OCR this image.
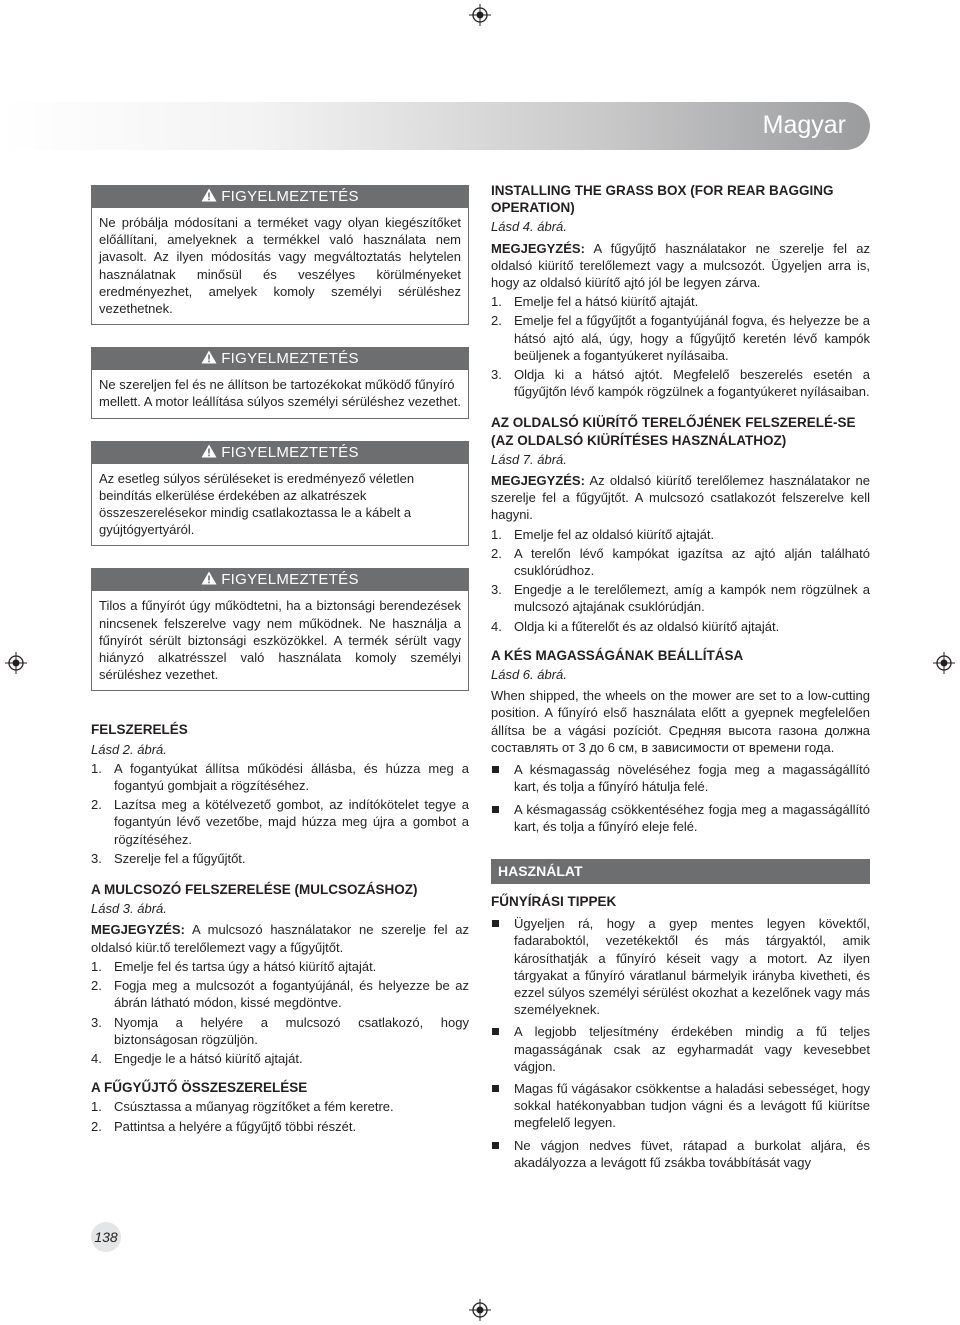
Magyar
FIGYELMEZTETÉS
Ne próbálja módosítani a terméket vagy olyan kiegészítőket előállítani, amelyeknek a termékkel való használata nem javasolt. Az ilyen módosítás vagy megváltoztatás helytelen használatnak minősül és veszélyes körülményeket eredményezhet, amelyek komoly személyi sérüléshez vezethetnek.
FIGYELMEZTETÉS
Ne szereljen fel és ne állítson be tartozékokat működő fűnyíró mellett. A motor leállítása súlyos személyi sérüléshez vezethet.
FIGYELMEZTETÉS
Az esetleg súlyos sérüléseket is eredményező véletlen beindítás elkerülése érdekében az alkatrészek összeszerelésekor mindig csatlakoztassa le a kábelt a gyújtógyertyáról.
FIGYELMEZTETÉS
Tilos a fűnyírót úgy működtetni, ha a biztonsági berendezések nincsenek felszerelve vagy nem működnek. Ne használja a fűnyírót sérült biztonsági eszközökkel. A termék sérült vagy hiányzó alkatrésszel való használata komoly személyi sérüléshez vezethet.
FELSZERELÉS
Lásd 2. ábrá.
1. A fogantyúkat állítsa működési állásba, és húzza meg a fogantyú gombjait a rögzítéséhez.
2. Lazítsa meg a kötélvezető gombot, az indítókötelet tegye a fogantyún lévő vezetőbe, majd húzza meg újra a gombot a rögzítéséhez.
3. Szerelje fel a fűgyűjtőt.
A MULCSOZÓ FELSZERELÉSE (MULCSOZÁSHOZ)
Lásd 3. ábrá.

MEGJEGYZÉS: A mulcsozó használatakor ne szerelje fel az oldalsó kiür.tő terelőlemezt vagy a fűgyűjtőt.

1. Emelje fel és tartsa úgy a hátsó kiürítő ajtaját.
2. Fogja meg a mulcsozót a fogantyújánál, és helyezze be az ábrán látható módon, kissé megdöntve.
3. Nyomja a helyére a mulcsozó csatlakozó, hogy biztonságosan rögzüljön.
4. Engedje le a hátsó kiürítő ajtaját.
A FŰGYŰJTŐ ÖSSZESZERELÉSE
1. Csúsztassa a műanyag rögzítőket a fém keretre.
2. Pattintsa a helyére a fűgyűjtő többi részét.
INSTALLING THE GRASS BOX (FOR REAR BAGGING OPERATION)
Lásd 4. ábrá.

MEGJEGYZÉS: A fűgyűjtő használatakor ne szerelje fel az oldalsó kiürítő terelőlemezt vagy a mulcsozót. Ügyeljen arra is, hogy az oldalsó kiürítő ajtó jól be legyen zárva.

1. Emelje fel a hátsó kiürítő ajtaját.
2. Emelje fel a fűgyűjtőt a fogantyújánál fogva, és helyezze be a hátsó ajtó alá, úgy, hogy a fűgyűjtő keretén lévő kampók beüljenek a fogantyúkeret nyílásaiba.
3. Oldja ki a hátsó ajtót. Megfelelő beszerelés esetén a fűgyűjtőn lévő kampók rögzülnek a fogantyúkeret nyílásaiban.
AZ OLDALSÓ KIÜRÍTŐ TERELŐJÉNEK FELSZERELÉ-SE (AZ OLDALSÓ KIÜRÍTÉSES HASZNÁLATHOZ)
Lásd 7. ábrá.

MEGJEGYZÉS: Az oldalsó kiürítő terelőlemez használatakor ne szerelje fel a fűgyűjtőt. A mulcsozó csatlakozót felszerelve kell hagyni.

1. Emelje fel az oldalsó kiürítő ajtaját.
2. A terelőn lévő kampókat igazítsa az ajtó alján található csuklórúdhoz.
3. Engedje a le terelőlemezt, amíg a kampók nem rögzülnek a mulcsozó ajtajának csuklórúdján.
4. Oldja ki a fűterelőt és az oldalsó kiürítő ajtaját.
A KÉS MAGASSÁGÁNAK BEÁLLÍTÁSA
Lásd 6. ábrá.

When shipped, the wheels on the mower are set to a low-cutting position. A fűnyíró első használata előtt a gyepnek megfelelően állítsa be a vágási pozíciót. Средняя высота газона должна составлять от 3 до 6 см, в зависимости от времени года.

A késmagasság növeléséhez fogja meg a magasságállító kart, és tolja a fűnyíró hátulja felé.
A késmagasság csökkentéséhez fogja meg a magasságállító kart, és tolja a fűnyíró eleje felé.
HASZNÁLAT
FŰNYÍRÁSI TIPPEK
Ügyeljen rá, hogy a gyep mentes legyen kövektől, fadaraboktól, vezetékektől és más tárgyaktól, amik károsíthatják a fűnyíró késeit vagy a motort. Az ilyen tárgyakat a fűnyíró váratlanul bármelyik irányba kivetheti, és ezzel súlyos személyi sérülést okozhat a kezelőnek vagy más személyeknek.
A legjobb teljesítmény érdekében mindig a fű teljes magasságának csak az egyharmadát vagy kevesebbet vágjon.
Magas fű vágásakor csökkentse a haladási sebességet, hogy sokkal hatékonyabban tudjon vágni és a levágott fű kiürítse megfelelő legyen.
Ne vágjon nedves füvet, rátapad a burkolat aljára, és akadályozza a levágott fű zsákba továbbítását vagy
138
